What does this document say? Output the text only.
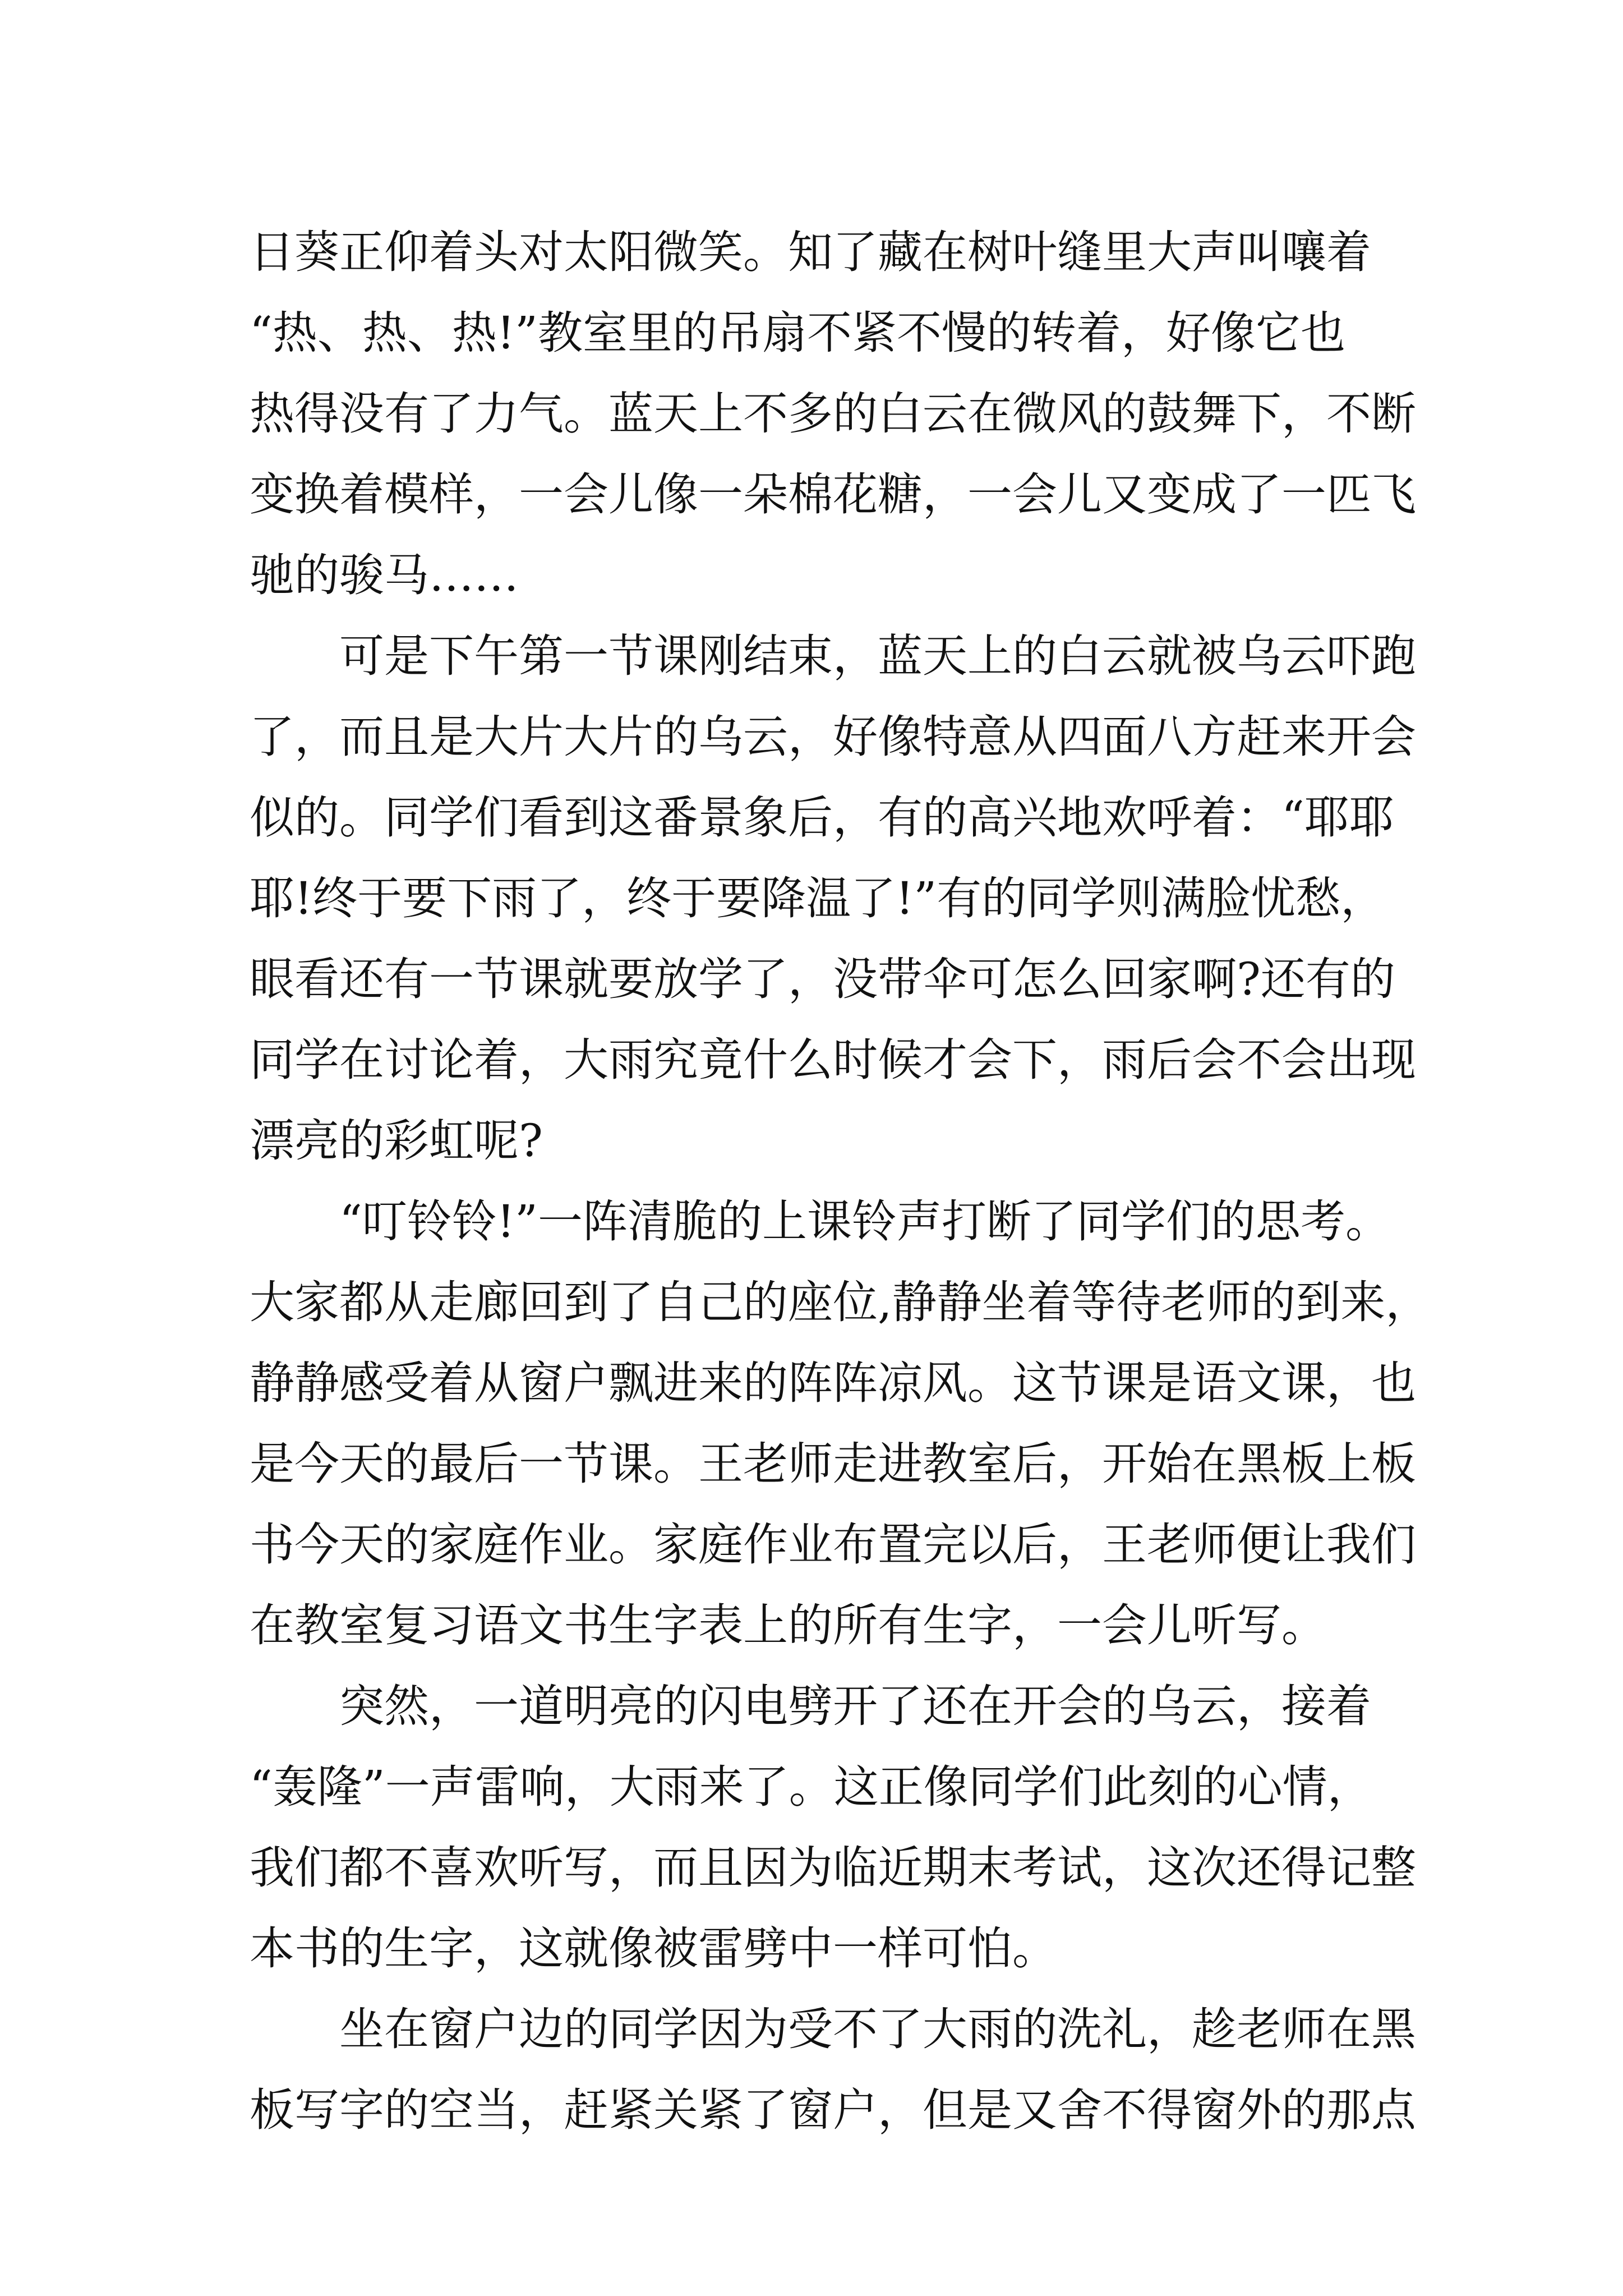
日葵正仰着头对太阳微笑。知了藏在树叶缝里大声叫嚷着
“热、热、热!”教室里的吊扇不紧不慢的转着，好像它也
热得没有了力气。蓝天上不多的白云在微风的鼓舞下，不断
变换着模样，一会儿像一朵棉花糖，一会儿又变成了一匹飞
驰的骏马……
可是下午第一节课刚结束，蓝天上的白云就被乌云吓跑
了，而且是大片大片的乌云，好像特意从四面八方赶来开会
似的。同学们看到这番景象后，有的高兴地欢呼着：“耶耶
耶!终于要下雨了，终于要降温了!”有的同学则满脸忧愁，
眼看还有一节课就要放学了，没带伞可怎么回家啊?还有的
同学在讨论着，大雨究竟什么时候才会下，雨后会不会出现
漂亮的彩虹呢?
“叮铃铃!”一阵清脆的上课铃声打断了同学们的思考。
大家都从走廊回到了自己的座位,静静坐着等待老师的到来，
静静感受着从窗户飘进来的阵阵凉风。这节课是语文课，也
是今天的最后一节课。王老师走进教室后，开始在黑板上板
书今天的家庭作业。家庭作业布置完以后，王老师便让我们
在教室复习语文书生字表上的所有生字，一会儿听写。
突然，一道明亮的闪电劈开了还在开会的乌云，接着
“轰隆”一声雷响，大雨来了。这正像同学们此刻的心情，
我们都不喜欢听写，而且因为临近期末考试，这次还得记整
本书的生字，这就像被雷劈中一样可怕。
坐在窗户边的同学因为受不了大雨的洗礼，趁老师在黑
板写字的空当，赶紧关紧了窗户，但是又舍不得窗外的那点
